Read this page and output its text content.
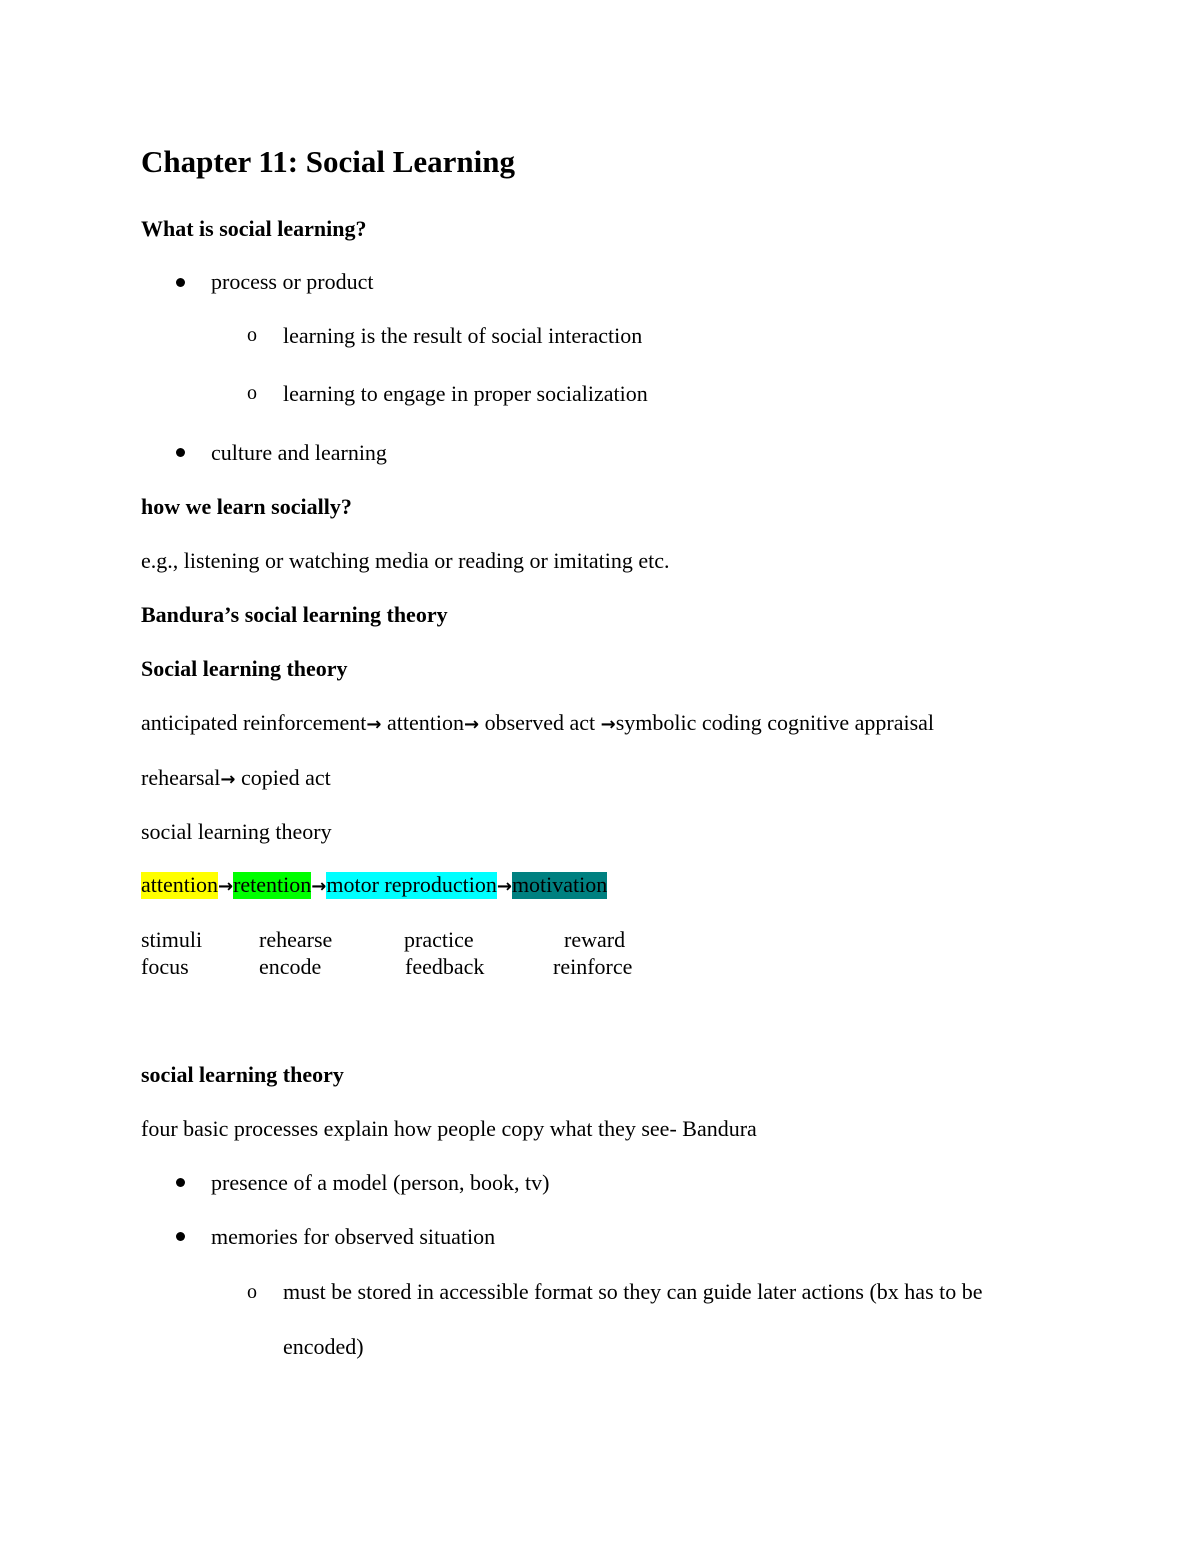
Chapter 11: Social Learning
What is social learning?
process or product
o learning is the result of social interaction
o learning to engage in proper socialization
culture and learning
how we learn socially?
e.g., listening or watching media or reading or imitating etc.
Bandura’s social learning theory
Social learning theory
anticipated reinforcement→ attention→ observed act →symbolic coding cognitive appraisal
rehearsal→ copied act
social learning theory
attention→retention→motor reproduction→motivation
stimuli	rehearse	practice	reward
focus	encode	feedback	reinforce
social learning theory
four basic processes explain how people copy what they see- Bandura
presence of a model (person, book, tv)
memories for observed situation
o must be stored in accessible format so they can guide later actions (bx has to be
encoded)
